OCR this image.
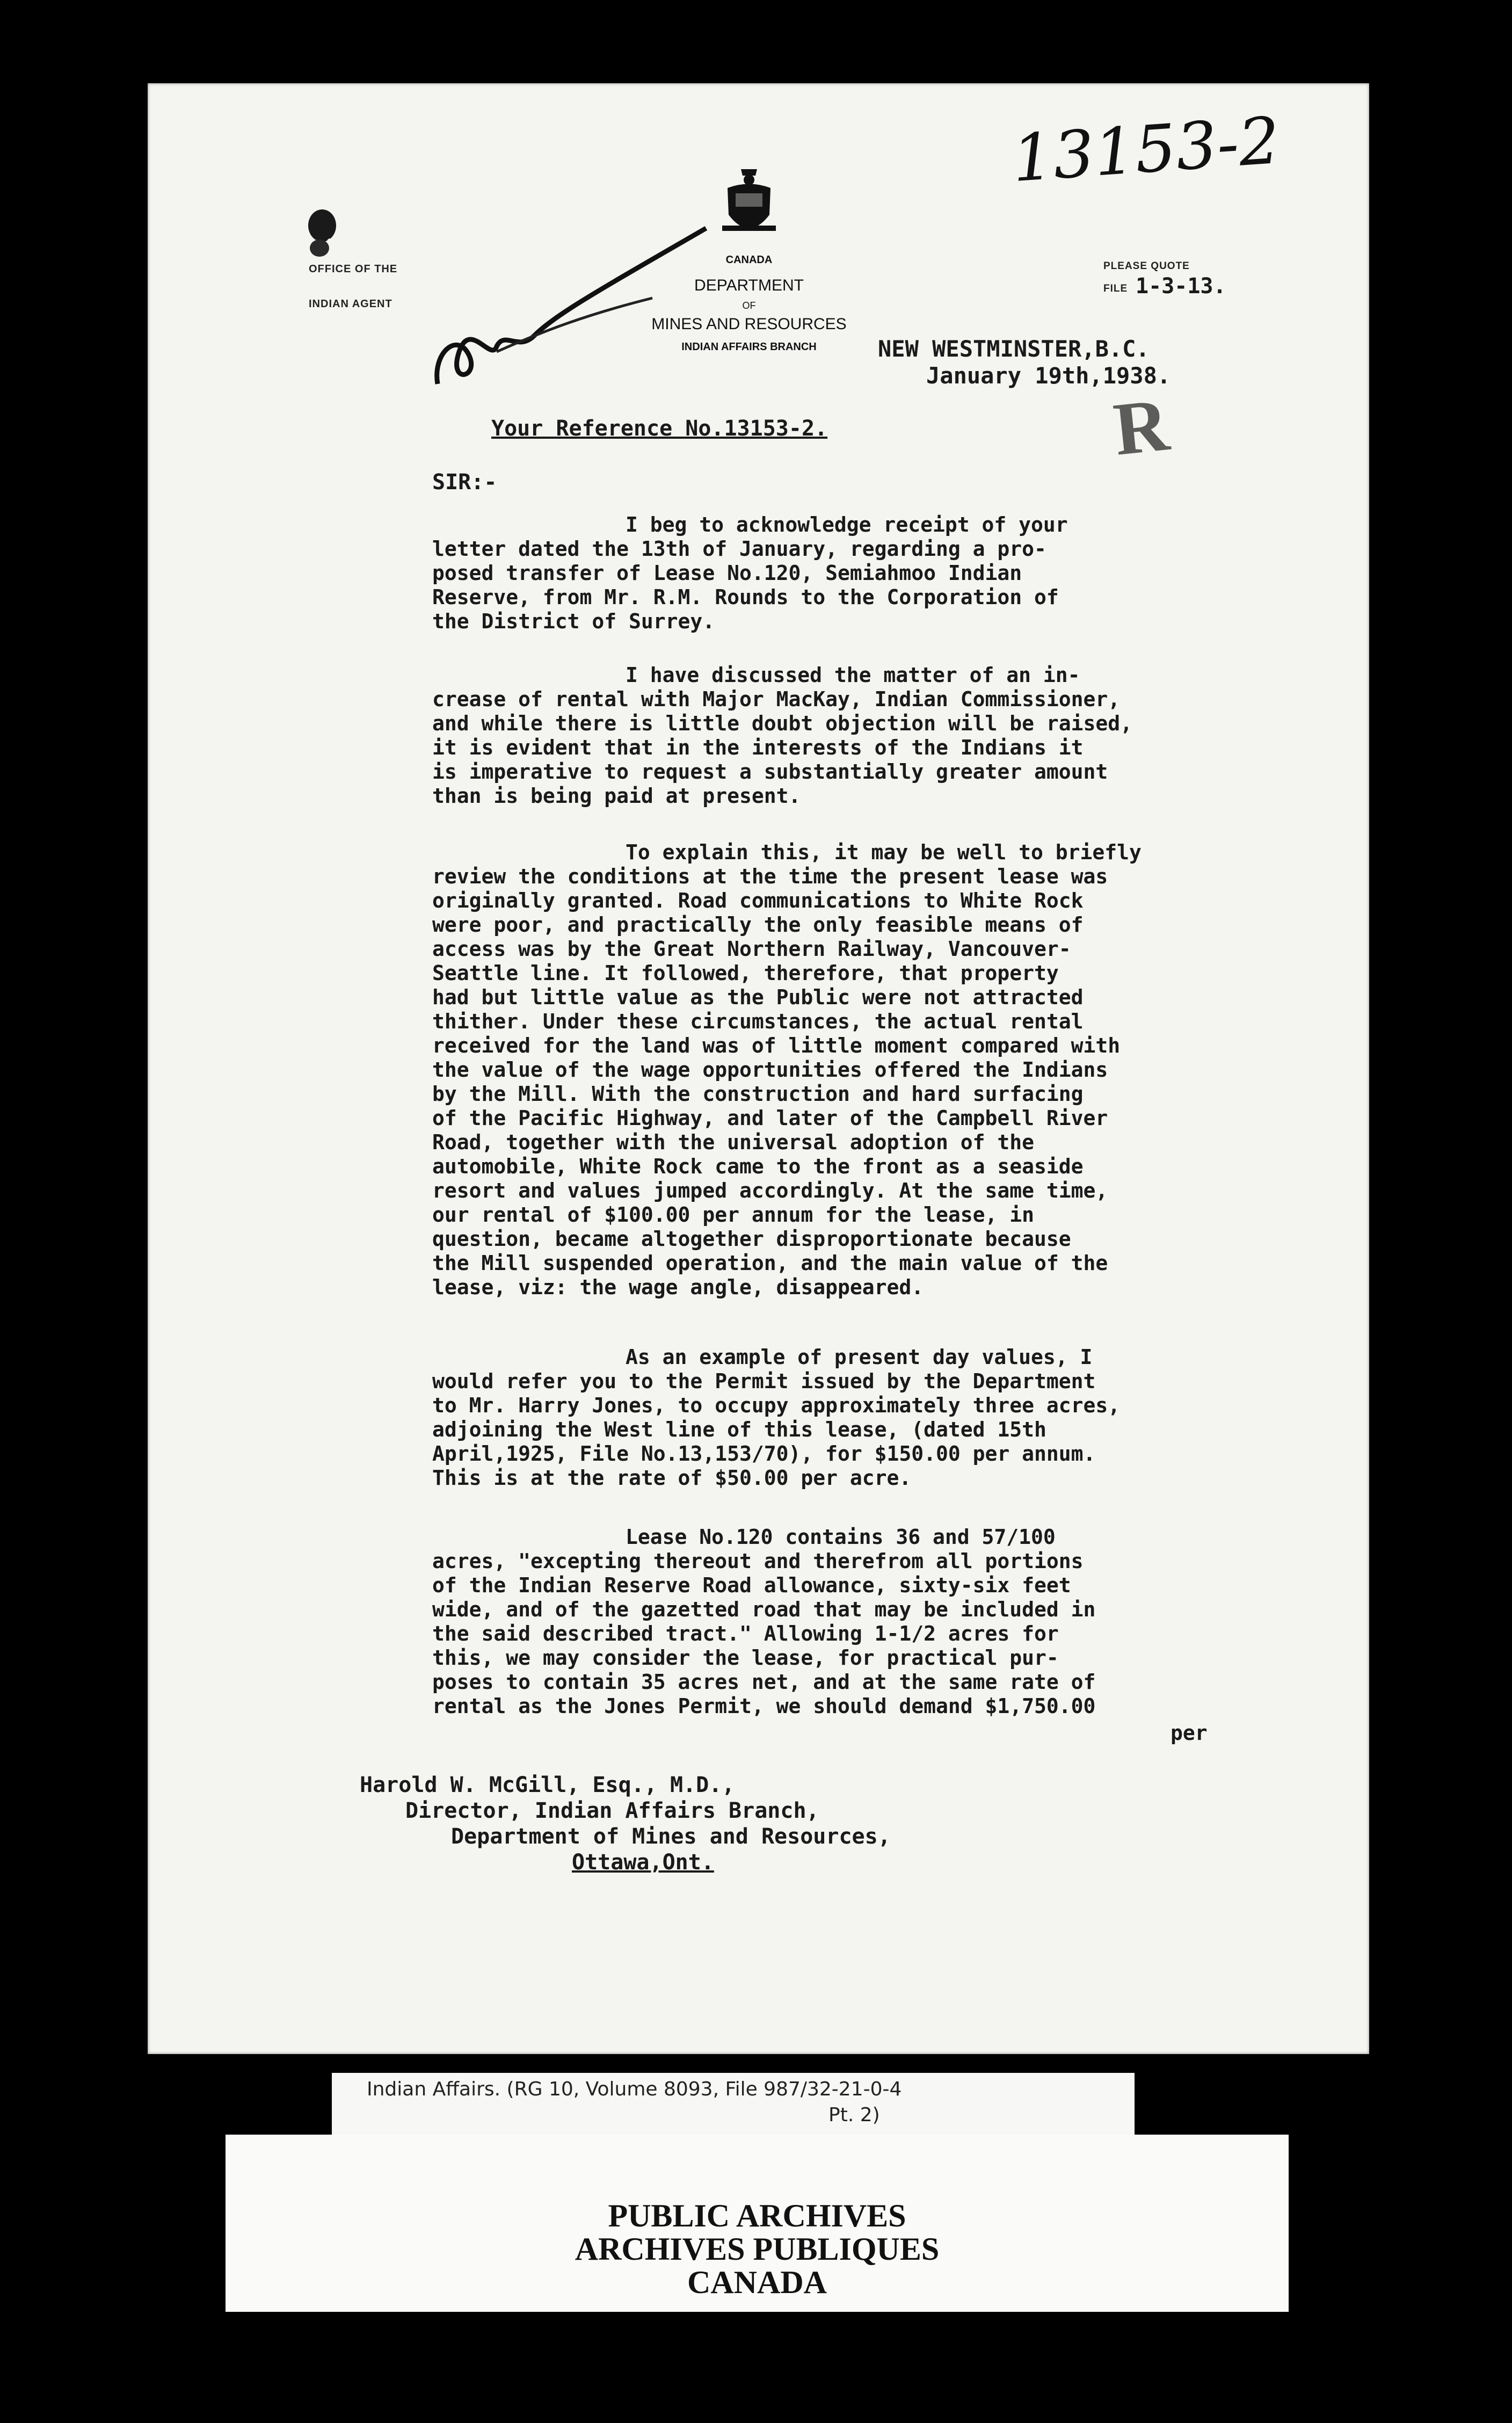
13153-2
OFFICE OF THE
INDIAN AGENT
CANADA
DEPARTMENT
OF
MINES AND RESOURCES
INDIAN AFFAIRS BRANCH
PLEASE QUOTE
FILE 1-3-13.
NEW WESTMINSTER,B.C.
January 19th,1938.
R
Your Reference No.13153-2.
SIR:-
I beg to acknowledge receipt of your
letter dated the 13th of January, regarding a pro-
posed transfer of Lease No.120, Semiahmoo Indian
Reserve, from Mr. R.M. Rounds to the Corporation of
the District of Surrey.
I have discussed the matter of an in-
crease of rental with Major MacKay, Indian Commissioner,
and while there is little doubt objection will be raised,
it is evident that in the interests of the Indians it
is imperative to request a substantially greater amount
than is being paid at present.
To explain this, it may be well to briefly
review the conditions at the time the present lease was
originally granted. Road communications to White Rock
were poor, and practically the only feasible means of
access was by the Great Northern Railway, Vancouver-
Seattle line. It followed, therefore, that property
had but little value as the Public were not attracted
thither. Under these circumstances, the actual rental
received for the land was of little moment compared with
the value of the wage opportunities offered the Indians
by the Mill. With the construction and hard surfacing
of the Pacific Highway, and later of the Campbell River
Road, together with the universal adoption of the
automobile, White Rock came to the front as a seaside
resort and values jumped accordingly. At the same time,
our rental of $100.00 per annum for the lease, in
question, became altogether disproportionate because
the Mill suspended operation, and the main value of the
lease, viz: the wage angle, disappeared.
As an example of present day values, I
would refer you to the Permit issued by the Department
to Mr. Harry Jones, to occupy approximately three acres,
adjoining the West line of this lease, (dated 15th
April,1925, File No.13,153/70), for $150.00 per annum.
This is at the rate of $50.00 per acre.
Lease No.120 contains 36 and 57/100
acres, "excepting thereout and therefrom all portions
of the Indian Reserve Road allowance, sixty-six feet
wide, and of the gazetted road that may be included in
the said described tract." Allowing 1-1/2 acres for
this, we may consider the lease, for practical pur-
poses to contain 35 acres net, and at the same rate of
rental as the Jones Permit, we should demand $1,750.00
per
Harold W. McGill, Esq., M.D.,
Director, Indian Affairs Branch,
Department of Mines and Resources,
Ottawa,Ont.
Indian Affairs. (RG 10, Volume 8093, File 987/32-21-0-4
Pt. 2)
PUBLIC ARCHIVES
ARCHIVES PUBLIQUES
CANADA
